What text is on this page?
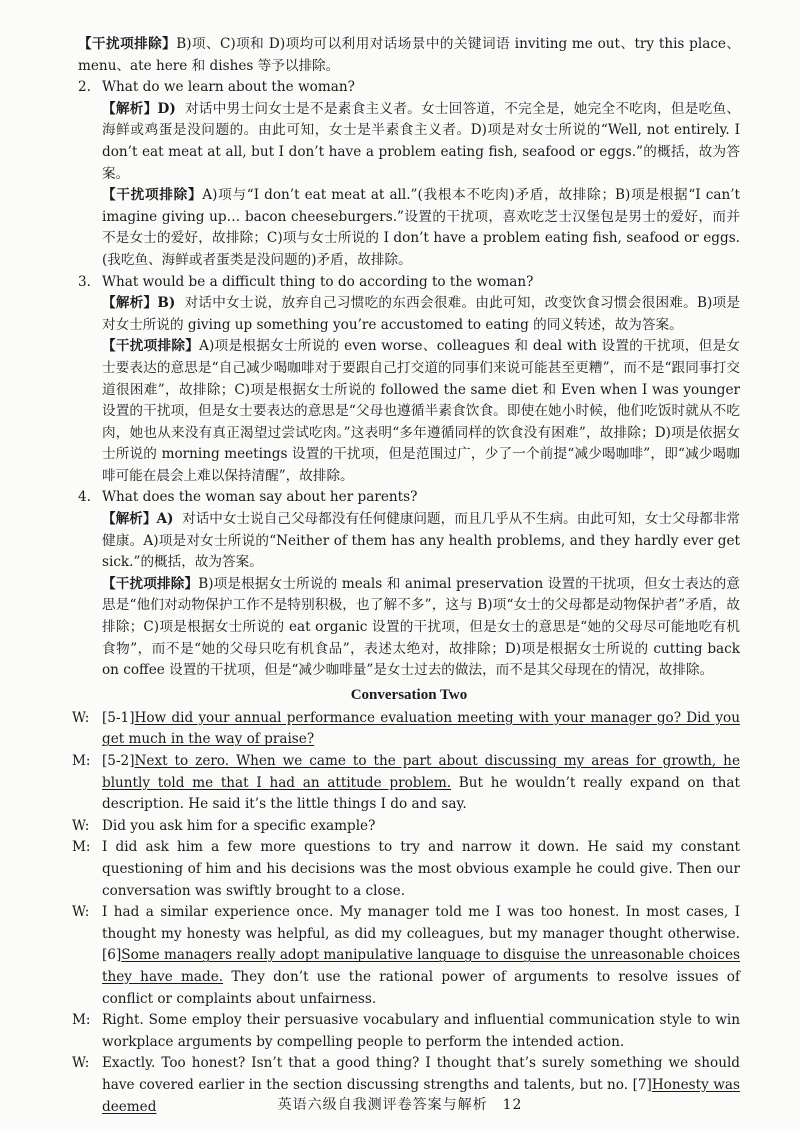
【干扰项排除】B)项、C)项和 D)项均可以利用对话场景中的关键词语 inviting me out、try this place、menu、ate here 和 dishes 等予以排除。

2. What do we learn about the woman?

【解析】D) 对话中男士问女士是不是素食主义者。女士回答道，不完全是，她完全不吃肉，但是吃鱼、海鲜或鸡蛋是没问题的。由此可知，女士是半素食主义者。D)项是对女士所说的“Well, not entirely. I don’t eat meat at all, but I don’t have a problem eating fish, seafood or eggs.”的概括，故为答案。

【干扰项排除】A)项与“I don’t eat meat at all.”(我根本不吃肉)矛盾，故排除；B)项是根据“I can’t imagine giving up… bacon cheeseburgers.”设置的干扰项，喜欢吃芝士汉堡包是男士的爱好，而并不是女士的爱好，故排除；C)项与女士所说的 I don’t have a problem eating fish, seafood or eggs.(我吃鱼、海鲜或者蛋类是没问题的)矛盾，故排除。

3. What would be a difficult thing to do according to the woman?

【解析】B) 对话中女士说，放弃自己习惯吃的东西会很难。由此可知，改变饮食习惯会很困难。B)项是对女士所说的 giving up something you’re accustomed to eating 的同义转述，故为答案。

【干扰项排除】A)项是根据女士所说的 even worse、colleagues 和 deal with 设置的干扰项，但是女士要表达的意思是“自己减少喝咖啡对于要跟自己打交道的同事们来说可能甚至更糟”，而不是“跟同事打交道很困难”，故排除；C)项是根据女士所说的 followed the same diet 和 Even when I was younger 设置的干扰项，但是女士要表达的意思是“父母也遵循半素食饮食。即使在她小时候，他们吃饭时就从不吃肉，她也从来没有真正渴望过尝试吃肉。”这表明“多年遵循同样的饮食没有困难”，故排除；D)项是依据女士所说的 morning meetings 设置的干扰项，但是范围过广，少了一个前提“减少喝咖啡”，即“减少喝咖啡可能在晨会上难以保持清醒”，故排除。

4. What does the woman say about her parents?

【解析】A) 对话中女士说自己父母都没有任何健康问题，而且几乎从不生病。由此可知，女士父母都非常健康。A)项是对女士所说的“Neither of them has any health problems, and they hardly ever get sick.”的概括，故为答案。

【干扰项排除】B)项是根据女士所说的 meals 和 animal preservation 设置的干扰项，但女士表达的意思是“他们对动物保护工作不是特别积极，也了解不多”，这与 B)项“女士的父母都是动物保护者”矛盾，故排除；C)项是根据女士所说的 eat organic 设置的干扰项，但是女士的意思是“她的父母尽可能地吃有机食物”，而不是“她的父母只吃有机食品”，表述太绝对，故排除；D)项是根据女士所说的 cutting back on coffee 设置的干扰项，但是“减少咖啡量”是女士过去的做法，而不是其父母现在的情况，故排除。

Conversation Two

W: [5-1]How did your annual performance evaluation meeting with your manager go? Did you get much in the way of praise?

M: [5-2]Next to zero. When we came to the part about discussing my areas for growth, he bluntly told me that I had an attitude problem. But he wouldn’t really expand on that description. He said it’s the little things I do and say.

W: Did you ask him for a specific example?

M: I did ask him a few more questions to try and narrow it down. He said my constant questioning of him and his decisions was the most obvious example he could give. Then our conversation was swiftly brought to a close.

W: I had a similar experience once. My manager told me I was too honest. In most cases, I thought my honesty was helpful, as did my colleagues, but my manager thought otherwise. [6]Some managers really adopt manipulative language to disguise the unreasonable choices they have made. They don’t use the rational power of arguments to resolve issues of conflict or complaints about unfairness.

M: Right. Some employ their persuasive vocabulary and influential communication style to win workplace arguments by compelling people to perform the intended action.

W: Exactly. Too honest? Isn’t that a good thing? I thought that’s surely something we should have covered earlier in the section discussing strengths and talents, but no. [7]Honesty was deemed	英语六级自我测评卷答案与解析　12
